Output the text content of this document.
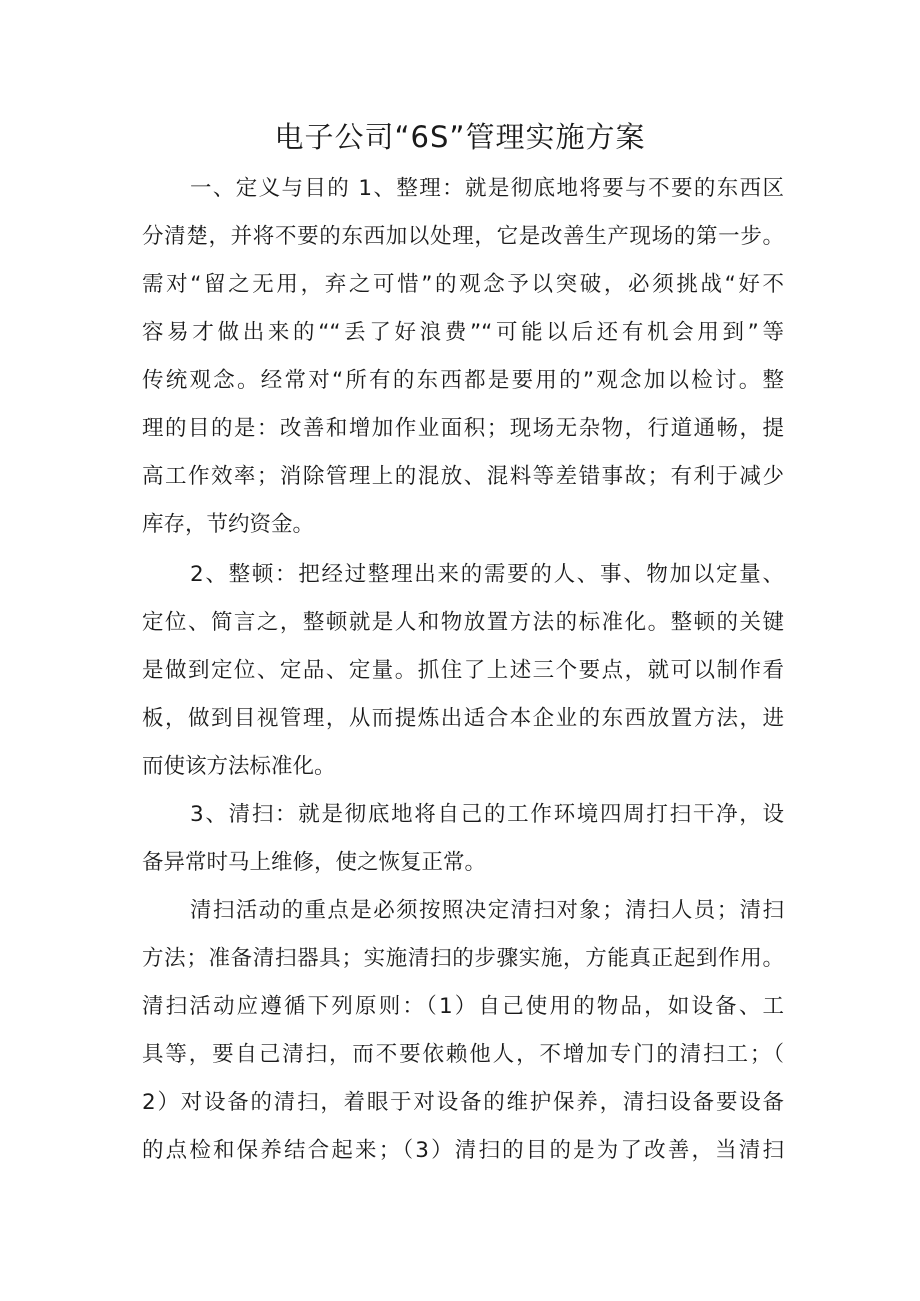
电子公司“6S”管理实施方案
一、定义与目的 1、整理：就是彻底地将要与不要的东西区
分清楚，并将不要的东西加以处理，它是改善生产现场的第一步。
需对“留之无用，弃之可惜”的观念予以突破，必须挑战“好不
容易才做出来的““丢了好浪费”“可能以后还有机会用到”等
传统观念。经常对“所有的东西都是要用的”观念加以检讨。整
理的目的是：改善和增加作业面积；现场无杂物，行道通畅，提
高工作效率；消除管理上的混放、混料等差错事故；有利于减少
库存，节约资金。
2、整顿：把经过整理出来的需要的人、事、物加以定量、
定位、简言之，整顿就是人和物放置方法的标准化。整顿的关键
是做到定位、定品、定量。抓住了上述三个要点，就可以制作看
板，做到目视管理，从而提炼出适合本企业的东西放置方法，进
而使该方法标准化。
3、清扫：就是彻底地将自己的工作环境四周打扫干净，设
备异常时马上维修，使之恢复正常。
清扫活动的重点是必须按照决定清扫对象；清扫人员；清扫
方法；准备清扫器具；实施清扫的步骤实施，方能真正起到作用。
清扫活动应遵循下列原则：（1）自己使用的物品，如设备、工
具等，要自己清扫，而不要依赖他人，不增加专门的清扫工；（
2）对设备的清扫，着眼于对设备的维护保养，清扫设备要设备
的点检和保养结合起来；（3）清扫的目的是为了改善，当清扫
